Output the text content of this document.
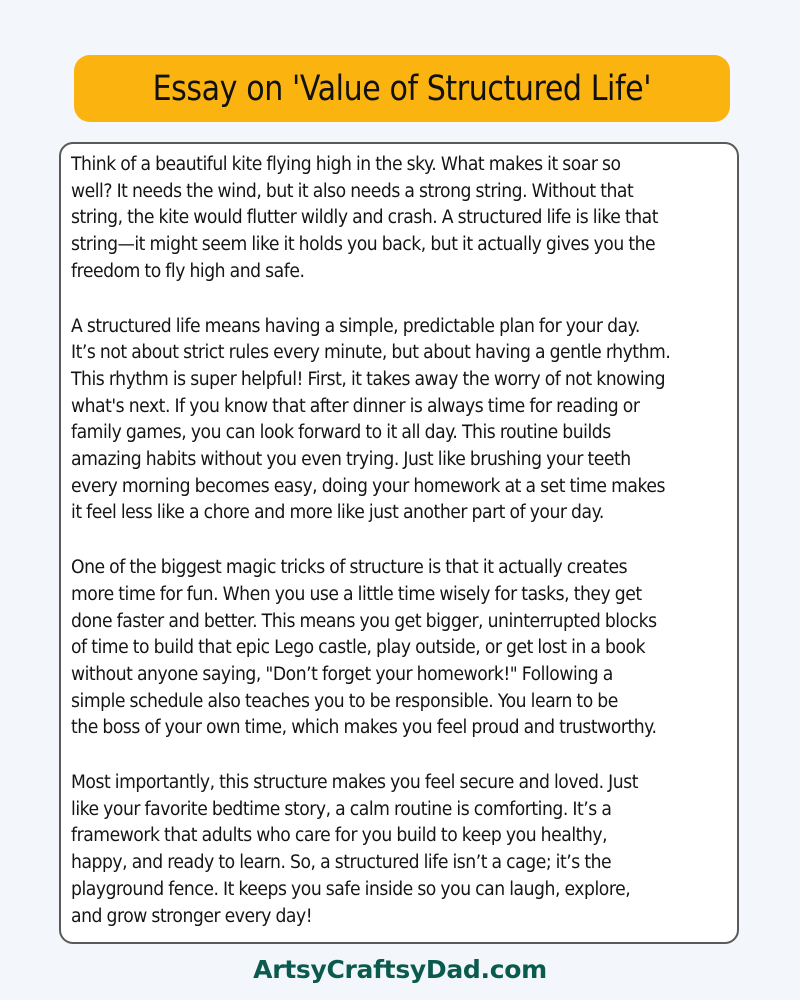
Essay on 'Value of Structured Life'

Think of a beautiful kite flying high in the sky. What makes it soar so
well? It needs the wind, but it also needs a strong string. Without that
string, the kite would flutter wildly and crash. A structured life is like that
string—it might seem like it holds you back, but it actually gives you the
freedom to fly high and safe.

A structured life means having a simple, predictable plan for your day.
It’s not about strict rules every minute, but about having a gentle rhythm.
This rhythm is super helpful! First, it takes away the worry of not knowing
what's next. If you know that after dinner is always time for reading or
family games, you can look forward to it all day. This routine builds
amazing habits without you even trying. Just like brushing your teeth
every morning becomes easy, doing your homework at a set time makes
it feel less like a chore and more like just another part of your day.

One of the biggest magic tricks of structure is that it actually creates
more time for fun. When you use a little time wisely for tasks, they get
done faster and better. This means you get bigger, uninterrupted blocks
of time to build that epic Lego castle, play outside, or get lost in a book
without anyone saying, "Don’t forget your homework!" Following a
simple schedule also teaches you to be responsible. You learn to be
the boss of your own time, which makes you feel proud and trustworthy.

Most importantly, this structure makes you feel secure and loved. Just
like your favorite bedtime story, a calm routine is comforting. It’s a
framework that adults who care for you build to keep you healthy,
happy, and ready to learn. So, a structured life isn’t a cage; it’s the
playground fence. It keeps you safe inside so you can laugh, explore,
and grow stronger every day!

ArtsyCraftsyDad.com
